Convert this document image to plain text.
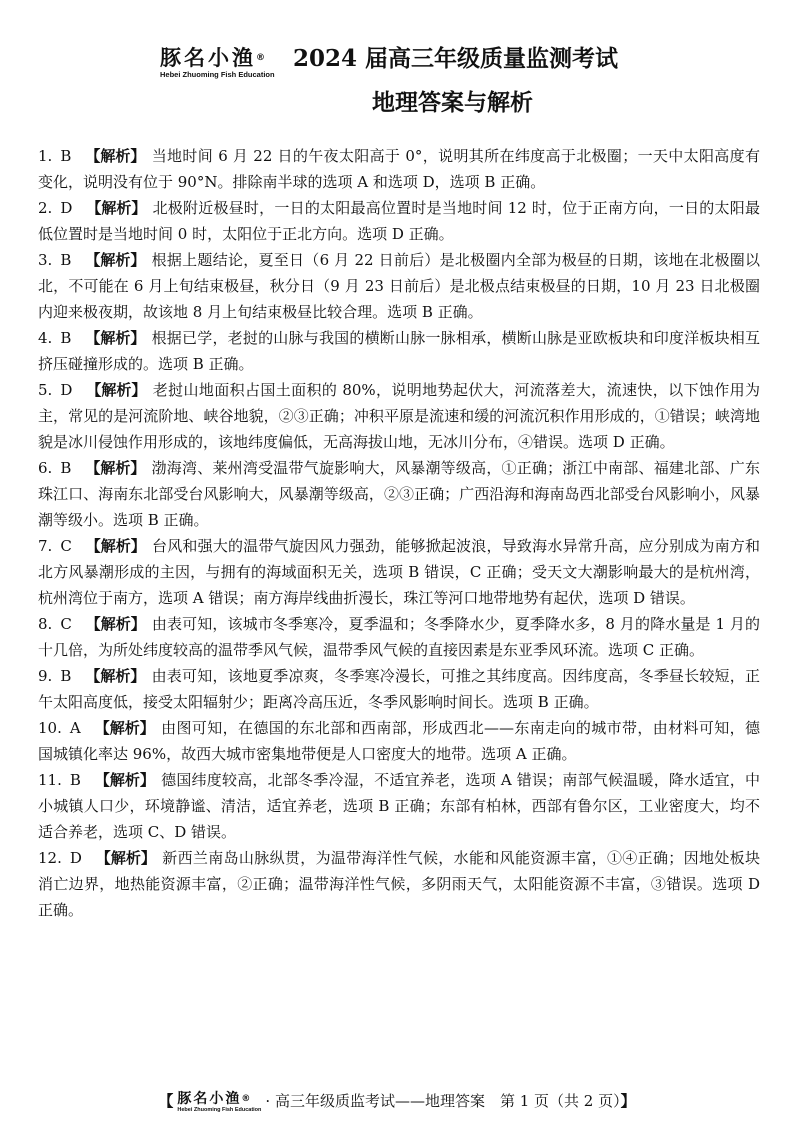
豚名小渔®
Hebei Zhuoming Fish Education
2024 届高三年级质量监测考试
地理答案与解析
1. B 【解析】 当地时间 6 月 22 日的午夜太阳高于 0°，说明其所在纬度高于北极圈；一天中太阳高度有变化，说明没有位于 90°N。排除南半球的选项 A 和选项 D，选项 B 正确。
2. D 【解析】 北极附近极昼时，一日的太阳最高位置时是当地时间 12 时，位于正南方向，一日的太阳最低位置时是当地时间 0 时，太阳位于正北方向。选项 D 正确。
3. B 【解析】 根据上题结论，夏至日（6 月 22 日前后）是北极圈内全部为极昼的日期，该地在北极圈以北，不可能在 6 月上旬结束极昼，秋分日（9 月 23 日前后）是北极点结束极昼的日期，10 月 23 日北极圈内迎来极夜期，故该地 8 月上旬结束极昼比较合理。选项 B 正确。
4. B 【解析】 根据已学，老挝的山脉与我国的横断山脉一脉相承，横断山脉是亚欧板块和印度洋板块相互挤压碰撞形成的。选项 B 正确。
5. D 【解析】 老挝山地面积占国土面积的 80%，说明地势起伏大，河流落差大，流速快，以下蚀作用为主，常见的是河流阶地、峡谷地貌，②③正确；冲积平原是流速和缓的河流沉积作用形成的，①错误；峡湾地貌是冰川侵蚀作用形成的，该地纬度偏低，无高海拔山地，无冰川分布，④错误。选项 D 正确。
6. B 【解析】 渤海湾、莱州湾受温带气旋影响大，风暴潮等级高，①正确；浙江中南部、福建北部、广东珠江口、海南东北部受台风影响大，风暴潮等级高，②③正确；广西沿海和海南岛西北部受台风影响小，风暴潮等级小。选项 B 正确。
7. C 【解析】 台风和强大的温带气旋因风力强劲，能够掀起波浪，导致海水异常升高，应分别成为南方和北方风暴潮形成的主因，与拥有的海域面积无关，选项 B 错误，C 正确；受天文大潮影响最大的是杭州湾，杭州湾位于南方，选项 A 错误；南方海岸线曲折漫长，珠江等河口地带地势有起伏，选项 D 错误。
8. C 【解析】 由表可知，该城市冬季寒冷，夏季温和；冬季降水少，夏季降水多，8 月的降水量是 1 月的十几倍，为所处纬度较高的温带季风气候，温带季风气候的直接因素是东亚季风环流。选项 C 正确。
9. B 【解析】 由表可知，该地夏季凉爽，冬季寒冷漫长，可推之其纬度高。因纬度高，冬季昼长较短，正午太阳高度低，接受太阳辐射少；距离冷高压近，冬季风影响时间长。选项 B 正确。
10. A 【解析】 由图可知，在德国的东北部和西南部，形成西北——东南走向的城市带，由材料可知，德国城镇化率达 96%，故西大城市密集地带便是人口密度大的地带。选项 A 正确。
11. B 【解析】 德国纬度较高，北部冬季冷湿，不适宜养老，选项 A 错误；南部气候温暖，降水适宜，中小城镇人口少，环境静谧、清洁，适宜养老，选项 B 正确；东部有柏林，西部有鲁尔区，工业密度大，均不适合养老，选项 C、D 错误。
12. D 【解析】 新西兰南岛山脉纵贯，为温带海洋性气候，水能和风能资源丰富，①④正确；因地处板块消亡边界，地热能资源丰富，②正确；温带海洋性气候，多阴雨天气，太阳能资源不丰富，③错误。选项 D 正确。
【 豚名小渔®
Hebei Zhuoming Fish Education · 高三年级质监考试——地理答案　第 1 页（共 2 页）】
